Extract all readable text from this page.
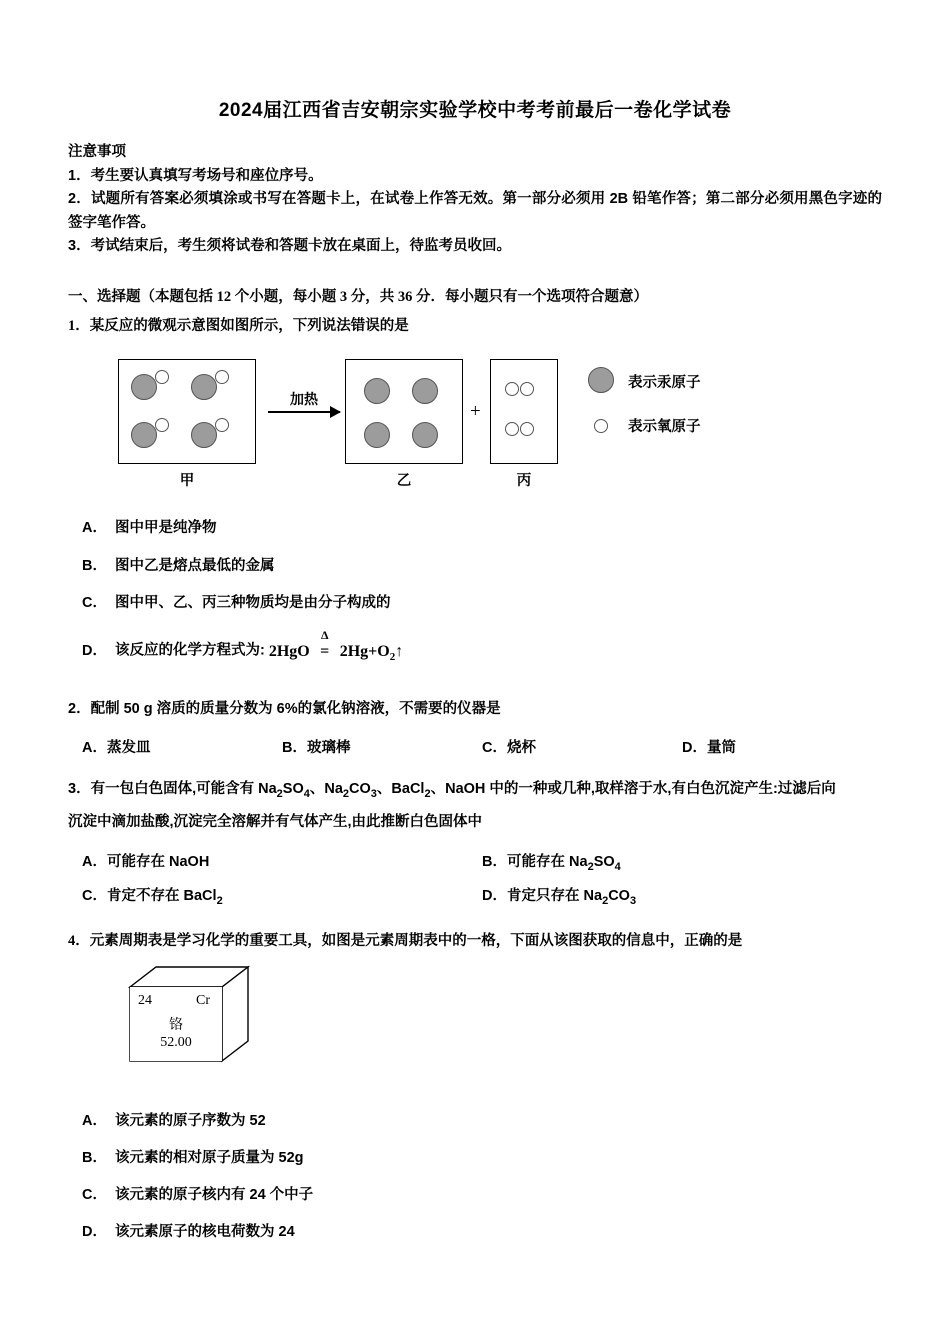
2024届江西省吉安朝宗实验学校中考考前最后一卷化学试卷
注意事项

1．考生要认真填写考场号和座位序号。

2．试题所有答案必须填涂或书写在答题卡上，在试卷上作答无效。第一部分必须用 2B 铅笔作答；第二部分必须用黑色字迹的签字笔作答。

3．考试结束后，考生须将试卷和答题卡放在桌面上，待监考员收回。

一、选择题（本题包括 12 个小题，每小题 3 分，共 36 分．每小题只有一个选项符合题意）

1．某反应的微观示意图如图所示，下列说法错误的是

甲
加热
乙
+
丙
表示汞原子
表示氧原子
A． 图中甲是纯净物
B． 图中乙是熔点最低的金属
C． 图中甲、乙、丙三种物质均是由分子构成的
D． 该反应的化学方程式为: 2HgO
Δ
= $2Hg+O_2↑$

2．配制 50 g 溶质的质量分数为 6%的氯化钠溶液，不需要的仪器是

A．蒸发皿	B．玻璃棒	C．烧杯	D．量筒

3．有一包白色固体,可能含有 $Na_2SO_4$、$Na_2CO_3$、BaCl$_2$、NaOH 中的一种或几种,取样溶于水,有白色沉淀产生:过滤后向

沉淀中滴加盐酸,沉淀完全溶解并有气体产生,由此推断白色固体中

A．可能存在 NaOH	B．可能存在 $Na_2SO_4$
C．肯定不存在 BaCl$_2$	D．肯定只存在 $Na_2CO_3$

4．元素周期表是学习化学的重要工具，如图是元素周期表中的一格，下面从该图获取的信息中，正确的是

24	Cr
铬
52.00
A． 该元素的原子序数为 52
B． 该元素的相对原子质量为 52g
C． 该元素的原子核内有 24 个中子
D． 该元素原子的核电荷数为 24
